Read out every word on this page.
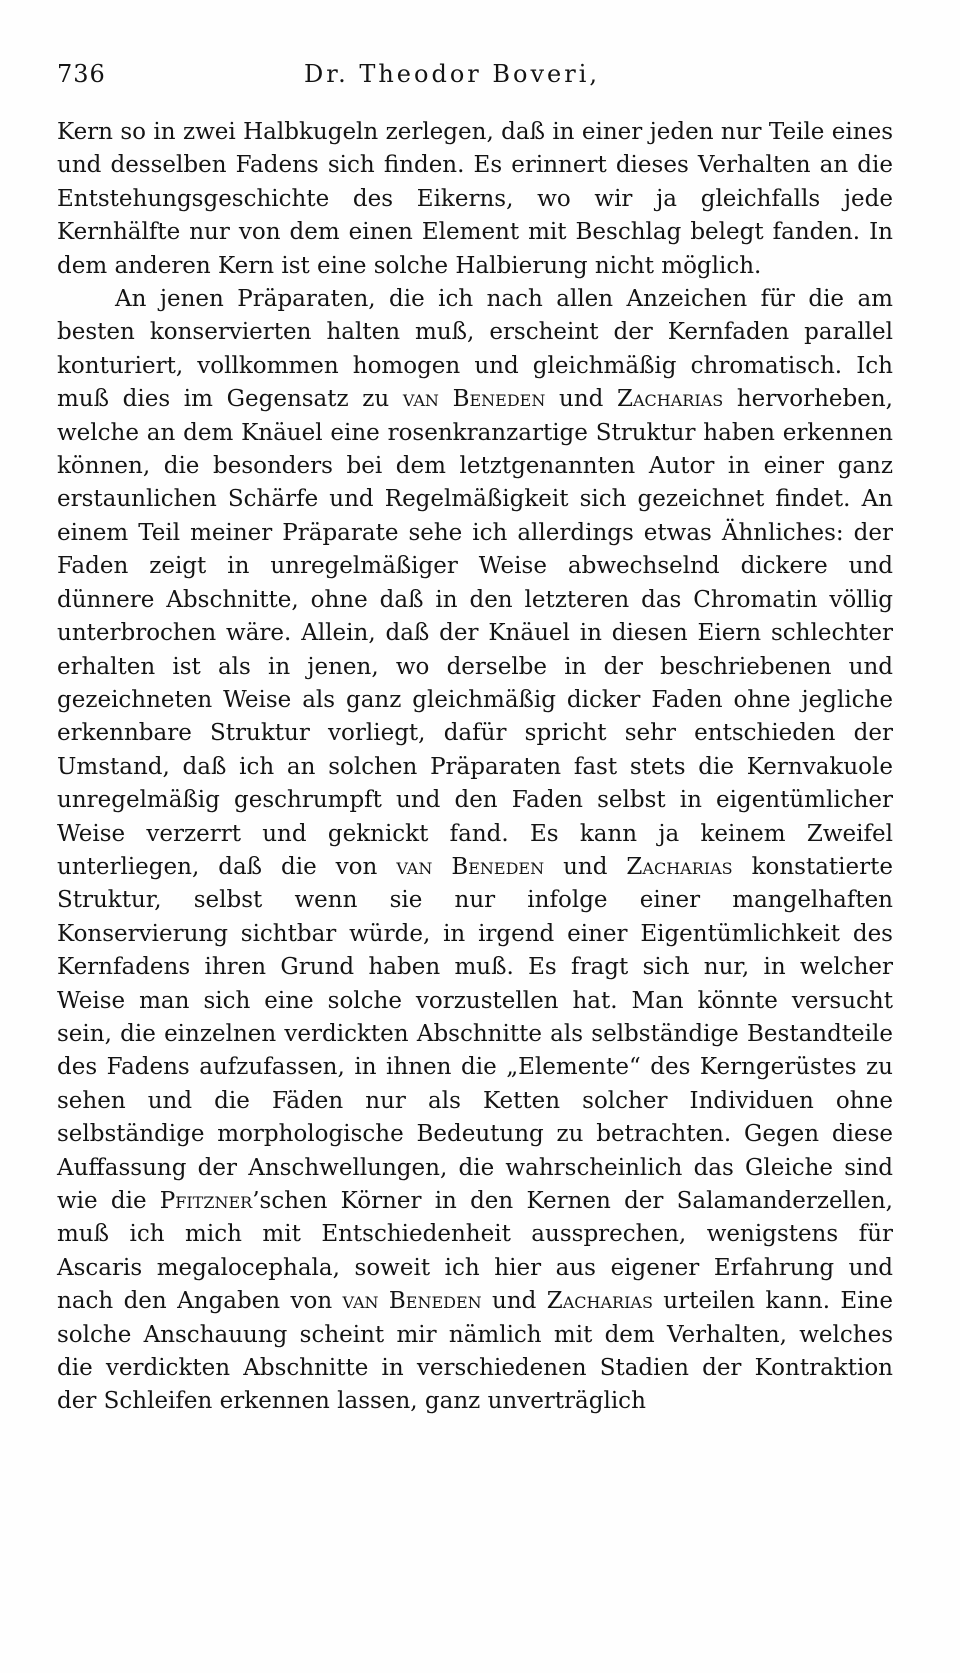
736	Dr. Theodor Boveri,

Kern so in zwei Halbkugeln zerlegen, daß in einer jeden nur Teile eines und desselben Fadens sich finden. Es erinnert dieses Verhalten an die Entstehungsgeschichte des Eikerns, wo wir ja gleichfalls jede Kernhälfte nur von dem einen Element mit Beschlag belegt fanden. In dem anderen Kern ist eine solche Halbierung nicht möglich.

An jenen Präparaten, die ich nach allen Anzeichen für die am besten konservierten halten muß, erscheint der Kernfaden parallel konturiert, vollkommen homogen und gleichmäßig chromatisch. Ich muß dies im Gegensatz zu van Beneden und Zacharias hervorheben, welche an dem Knäuel eine rosenkranzartige Struktur haben erkennen können, die besonders bei dem letztgenannten Autor in einer ganz erstaunlichen Schärfe und Regelmäßigkeit sich gezeichnet findet. An einem Teil meiner Präparate sehe ich allerdings etwas Ähnliches: der Faden zeigt in unregelmäßiger Weise abwechselnd dickere und dünnere Abschnitte, ohne daß in den letzteren das Chromatin völlig unterbrochen wäre. Allein, daß der Knäuel in diesen Eiern schlechter erhalten ist als in jenen, wo derselbe in der beschriebenen und gezeichneten Weise als ganz gleichmäßig dicker Faden ohne jegliche erkennbare Struktur vorliegt, dafür spricht sehr entschieden der Umstand, daß ich an solchen Präparaten fast stets die Kernvakuole unregelmäßig geschrumpft und den Faden selbst in eigentümlicher Weise verzerrt und geknickt fand. Es kann ja keinem Zweifel unterliegen, daß die von van Beneden und Zacharias konstatierte Struktur, selbst wenn sie nur infolge einer mangelhaften Konservierung sichtbar würde, in irgend einer Eigentümlichkeit des Kernfadens ihren Grund haben muß. Es fragt sich nur, in welcher Weise man sich eine solche vorzustellen hat. Man könnte versucht sein, die einzelnen verdickten Abschnitte als selbständige Bestandteile des Fadens aufzufassen, in ihnen die „Elemente“ des Kerngerüstes zu sehen und die Fäden nur als Ketten solcher Individuen ohne selbständige morphologische Bedeutung zu betrachten. Gegen diese Auffassung der Anschwellungen, die wahrscheinlich das Gleiche sind wie die Pfitzner’schen Körner in den Kernen der Salamanderzellen, muß ich mich mit Entschiedenheit aussprechen, wenigstens für Ascaris megalocephala, soweit ich hier aus eigener Erfahrung und nach den Angaben von van Beneden und Zacharias urteilen kann. Eine solche Anschauung scheint mir nämlich mit dem Verhalten, welches die verdickten Abschnitte in verschiedenen Stadien der Kontraktion der Schleifen erkennen lassen, ganz unverträglich
